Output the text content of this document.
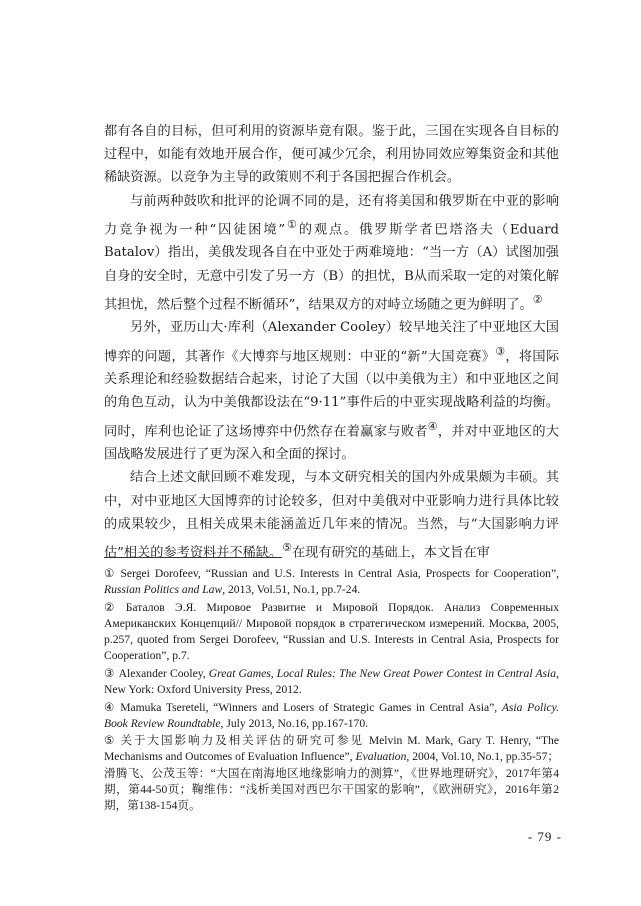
都有各自的目标，但可利用的资源毕竟有限。鉴于此，三国在实现各自目标的过程中，如能有效地开展合作，便可减少冗余，利用协同效应筹集资金和其他稀缺资源。以竞争为主导的政策则不利于各国把握合作机会。

与前两种鼓吹和批评的论调不同的是，还有将美国和俄罗斯在中亚的影响力竞争视为一种“囚徒困境”①的观点。俄罗斯学者巴塔洛夫（Eduard Batalov）指出，美俄发现各自在中亚处于两难境地：“当一方（A）试图加强自身的安全时，无意中引发了另一方（B）的担忧，B从而采取一定的对策化解其担忧，然后整个过程不断循环”，结果双方的对峙立场随之更为鲜明了。②

另外，亚历山大·库利（Alexander Cooley）较早地关注了中亚地区大国博弈的问题，其著作《大博弈与地区规则：中亚的“新”大国竞赛》③，将国际关系理论和经验数据结合起来，讨论了大国（以中美俄为主）和中亚地区之间的角色互动，认为中美俄都设法在“9·11”事件后的中亚实现战略利益的均衡。同时，库利也论证了这场博弈中仍然存在着赢家与败者④，并对中亚地区的大国战略发展进行了更为深入和全面的探讨。

结合上述文献回顾不难发现，与本文研究相关的国内外成果颇为丰硕。其中，对中亚地区大国博弈的讨论较多，但对中美俄对中亚影响力进行具体比较的成果较少，且相关成果未能涵盖近几年来的情况。当然，与“大国影响力评估”相关的参考资料并不稀缺。⑤在现有研究的基础上，本文旨在审

① Sergei Dorofeev, “Russian and U.S. Interests in Central Asia, Prospects for Cooperation”, Russian Politics and Law, 2013, Vol.51, No.1, pp.7-24.

② Баталов Э.Я. Мировое Развитие и Мировой Порядок. Анализ Современных Американских Концепций// Мировой порядок в стратегическом измерений. Москва, 2005, p.257, quoted from Sergei Dorofeev, “Russian and U.S. Interests in Central Asia, Prospects for Cooperation”, p.7.

③ Alexander Cooley, Great Games, Local Rules: The New Great Power Contest in Central Asia, New York: Oxford University Press, 2012.

④ Mamuka Tsereteli, “Winners and Losers of Strategic Games in Central Asia”, Asia Policy. Book Review Roundtable, July 2013, No.16, pp.167-170.

⑤ 关于大国影响力及相关评估的研究可参见 Melvin M. Mark, Gary T. Henry, “The Mechanisms and Outcomes of Evaluation Influence”, Evaluation, 2004, Vol.10, No.1, pp.35-57；滑腾飞、公茂玉等：“大国在南海地区地缘影响力的测算”，《世界地理研究》，2017年第4期，第44-50页；鞠维伟：“浅析美国对西巴尔干国家的影响”，《欧洲研究》，2016年第2期，第138-154页。

- 79 -
